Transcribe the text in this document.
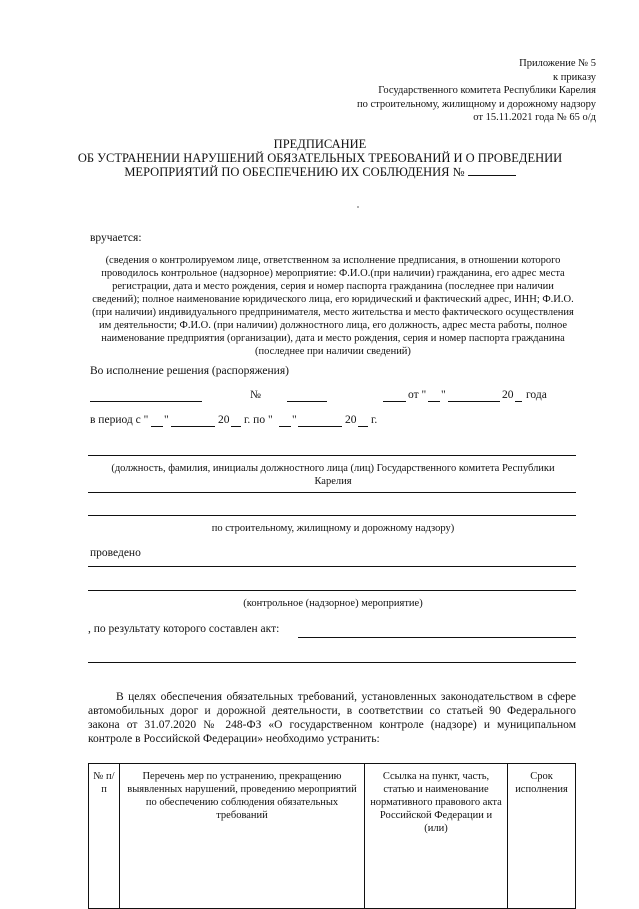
Приложение № 5
к приказу
Государственного комитета Республики Карелия
по строительному, жилищному и дорожному надзору
от 15.11.2021 года № 65 о/д
ПРЕДПИСАНИЕ
ОБ УСТРАНЕНИИ НАРУШЕНИЙ ОБЯЗАТЕЛЬНЫХ ТРЕБОВАНИЙ И О ПРОВЕДЕНИИ
МЕРОПРИЯТИЙ ПО ОБЕСПЕЧЕНИЮ ИХ СОБЛЮДЕНИЯ №
вручается:
(сведения о контролируемом лице, ответственном за исполнение предписания, в отношении которого проводилось контрольное (надзорное) мероприятие: Ф.И.О.(при наличии) гражданина, его адрес места регистрации, дата и место рождения, серия и номер паспорта гражданина (последнее при наличии сведений); полное наименование юридического лица, его юридический и фактический адрес, ИНН; Ф.И.О.(при наличии) индивидуального предпринимателя, место жительства и место фактического осуществления им деятельности; Ф.И.О. (при наличии) должностного лица, его должность, адрес места работы, полное наименование предприятия (организации), дата и место рождения, серия и номер паспорта гражданина (последнее при наличии сведений)
Во исполнение решения (распоряжения)
№	от " "	20 года
в период с " "	20 г. по " "	20 г.
(должность, фамилия, инициалы должностного лица (лиц) Государственного комитета Республики
Карелия
по строительному, жилищному и дорожному надзору)
проведено
(контрольное (надзорное) мероприятие)
, по результату которого составлен акт:
В целях обеспечения обязательных требований, установленных законодательством в сфере автомобильных дорог и дорожной деятельности, в соответствии со статьей 90 Федерального закона от 31.07.2020 № 248-ФЗ «О государственном контроле (надзоре) и муниципальном контроле в Российской Федерации» необходимо устранить:
№ п/п	Перечень мер по устранению, прекращению выявленных нарушений, проведению мероприятий по обеспечению соблюдения обязательных требований	Ссылка на пункт, часть, статью и наименование нормативного правового акта Российской Федерации и (или)	Срок исполнения
